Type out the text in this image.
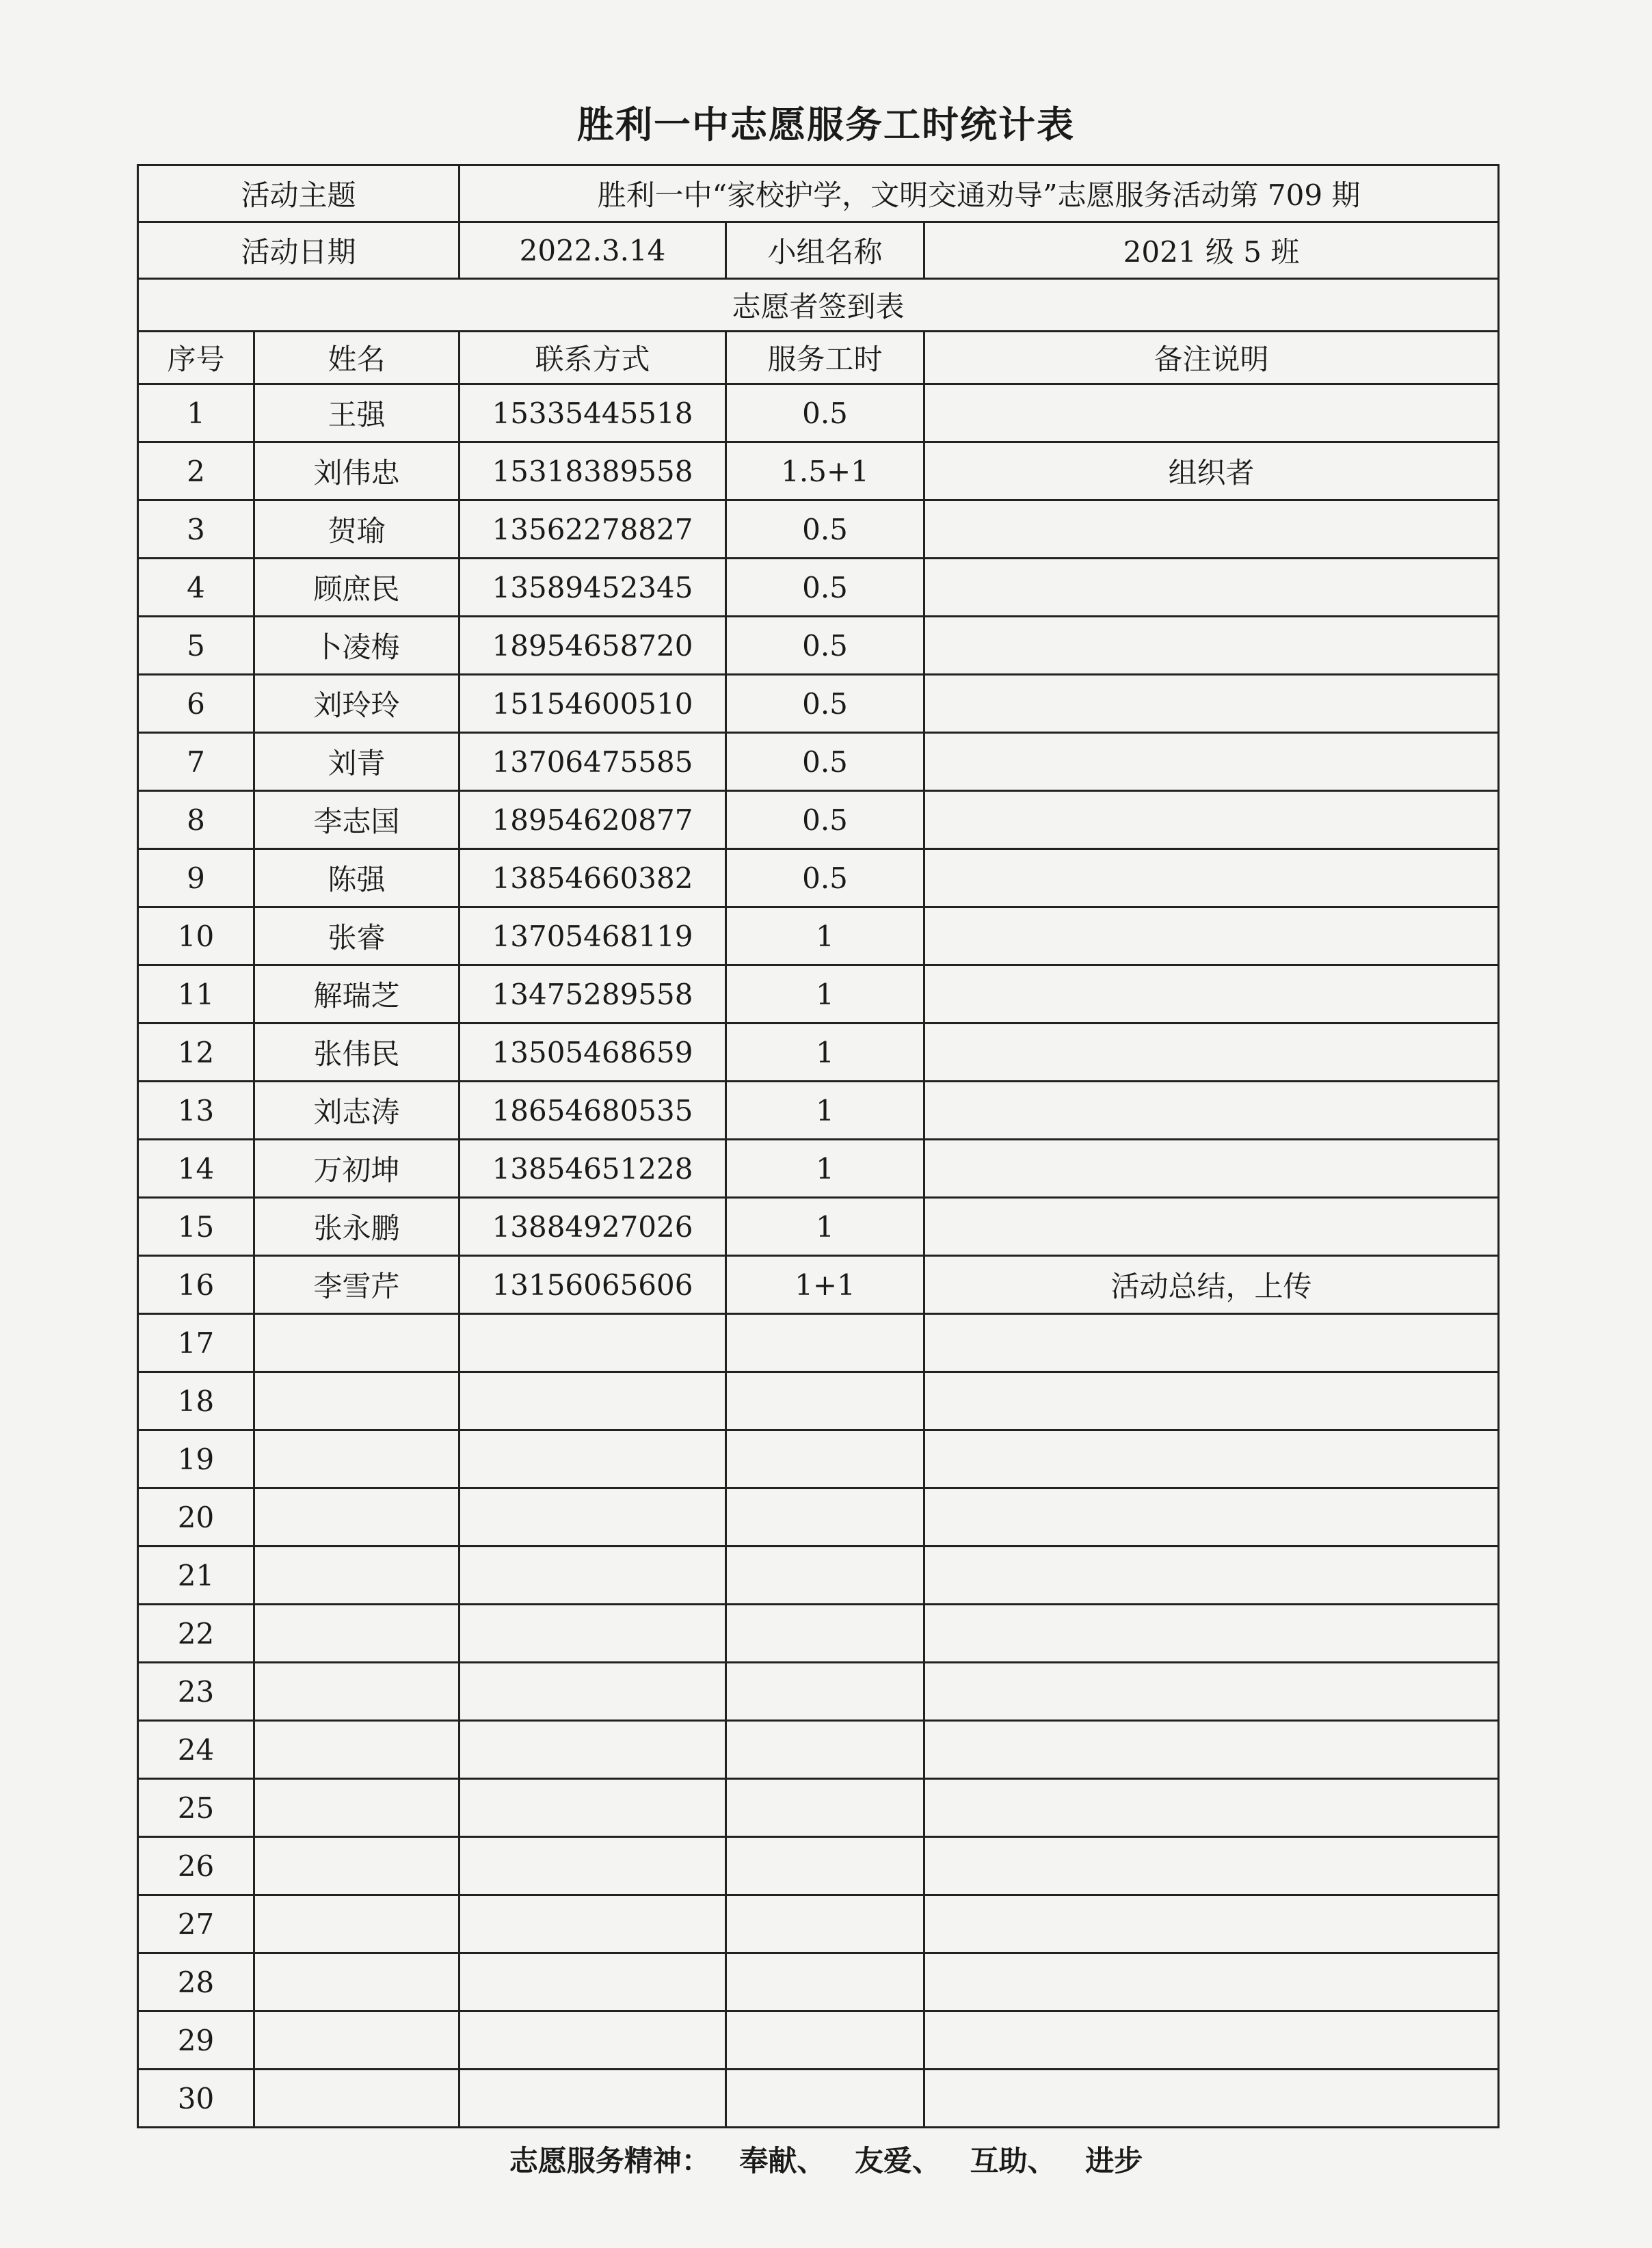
胜利一中志愿服务工时统计表
活动主题		胜利一中“家校护学，文明交通劝导”志愿服务活动第 709 期		
活动日期		2022.3.14	小组名称	2021 级 5 班
志愿者签到表				
序号	姓名	联系方式	服务工时	备注说明
1	王强	15335445518	0.5	
2	刘伟忠	15318389558	1.5+1	组织者
3	贺瑜	13562278827	0.5	
4	顾庶民	13589452345	0.5	
5	卜凌梅	18954658720	0.5	
6	刘玲玲	15154600510	0.5	
7	刘青	13706475585	0.5	
8	李志国	18954620877	0.5	
9	陈强	13854660382	0.5	
10	张睿	13705468119	1	
11	解瑞芝	13475289558	1	
12	张伟民	13505468659	1	
13	刘志涛	18654680535	1	
14	万初坤	13854651228	1	
15	张永鹏	13884927026	1	
16	李雪芹	13156065606	1+1	活动总结，上传
17				
18				
19				
20				
21				
22				
23				
24				
25				
26				
27				
28				
29				
30				
志愿服务精神： 奉献、 友爱、 互助、 进步
